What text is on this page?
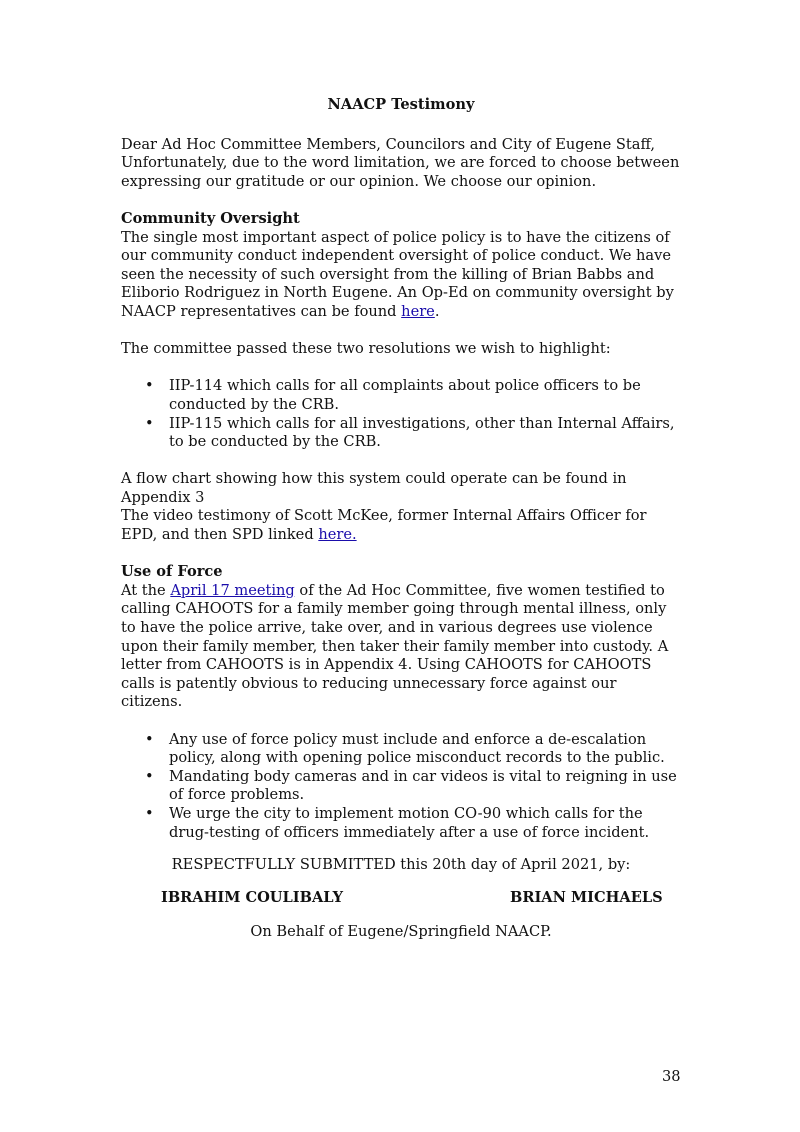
NAACP Testimony

Dear Ad Hoc Committee Members, Councilors and City of Eugene Staff,

Unfortunately, due to the word limitation, we are forced to choose between expressing our gratitude or our opinion. We choose our opinion.

Community Oversight

The single most important aspect of police policy is to have the citizens of our community conduct independent oversight of police conduct. We have seen the necessity of such oversight from the killing of Brian Babbs and Eliborio Rodriguez in North Eugene. An Op-Ed on community oversight by NAACP representatives can be found here.

The committee passed these two resolutions we wish to highlight:

• IIP-114 which calls for all complaints about police officers to be conducted by the CRB.
• IIP-115 which calls for all investigations, other than Internal Affairs, to be conducted by the CRB.

A flow chart showing how this system could operate can be found in Appendix 3

The video testimony of Scott McKee, former Internal Affairs Officer for EPD, and then SPD linked here.

Use of Force

At the April 17 meeting of the Ad Hoc Committee, five women testified to calling CAHOOTS for a family member going through mental illness, only to have the police arrive, take over, and in various degrees use violence upon their family member, then taker their family member into custody. A letter from CAHOOTS is in Appendix 4. Using CAHOOTS for CAHOOTS calls is patently obvious to reducing unnecessary force against our citizens.

• Any use of force policy must include and enforce a de-escalation policy, along with opening police misconduct records to the public.
• Mandating body cameras and in car videos is vital to reigning in use of force problems.
• We urge the city to implement motion CO-90 which calls for the drug-testing of officers immediately after a use of force incident.

RESPECTFULLY SUBMITTED this 20th day of April 2021, by:

IBRAHIM COULIBALY	BRIAN MICHAELS

On Behalf of Eugene/Springfield NAACP.

38
